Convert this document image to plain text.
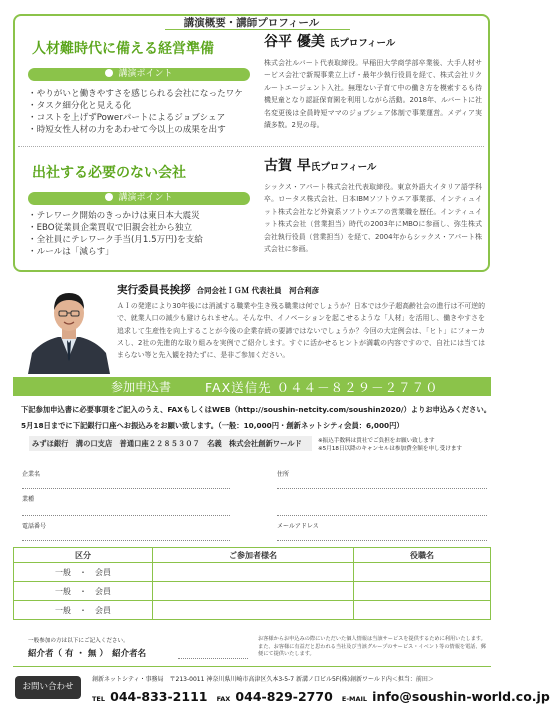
講演概要・講師プロフィール
人材難時代に備える経営準備
講演ポイント
・やりがいと働きやすさを感じられる会社になったワケ
・タスク細分化と見える化
・コストを上げずPowerパートによるジョブシェア
・時短女性人材の力をあわせて今以上の成果を出す
出社する必要のない会社
講演ポイント
・テレワーク開始のきっかけは東日本大震災
・EBO従業員企業買収で旧親会社から独立
・全社員にテレワーク手当(月1.5万円)を支給
・ルールは「減らす」
谷平 優美 氏プロフィール
株式会社ルバート代表取締役。早稲田大学商学部卒業後、大手人材サービス会社で新規事業立上げ・最年少執行役員を経て、株式会社リクルートエージェント入社。無理ない子育て中の働き方を模索するも待機児童となり認証保育園を利用しながら活動。2018年、ルバートに社名変更後は全員時短ママのジョブシェア体制で事業運営。メディア実績多数。2児の母。
古賀 早氏プロフィール
シックス・アパート株式会社代表取締役。東京外語大イタリア語学科卒。ロータス株式会社、日本IBMソフトウエア事業部、インティュイット株式会社など外資系ソフトウエアの営業職を歴任。インティュイット株式会社（営業担当）時代の2003年にMBOに参画し、弥生株式会社執行役員（営業担当）を経て、2004年からシックス・アパート株式会社に参画。
実行委員長挨拶 合同会社ＩＧＭ 代表社員　河合利彦
ＡＩの発達により30年後には消滅する職業や生き残る職業は何でしょうか？日本では少子超高齢社会の進行は不可逆的で、就業人口の減少も避けられません。そんな中、イノベーションを起こせるような「人材」を活用し、働きやすさを追求して生産性を向上することが今後の企業存続の要諦ではないでしょうか？今回の大定例会は、「ヒト」にフォーカスし、2社の先進的な取り組みを実例でご紹介します。すぐに活かせるヒントが満載の内容ですので、自社には当てはまらない等と先入観を持たずに、是非ご参加ください。
参加申込書	FAX送信先 ０４４－８２９－２７７０
下記参加申込書に必要事項をご記入のうえ、FAXもしくはWEB（http://soushin-netcity.com/soushin2020/）よりお申込みください。
5月18日までに下記銀行口座へお振込みをお願い致します。（一般：10,000円・創新ネットシティ会員：6,000円）
みずほ銀行　溝の口支店　普通口座２２８５３０７　名義　株式会社創新ワールド	※振込手数料は貴社でご負担をお願い致します
※5月18日以降のキャンセルは参加費全額を申し受けます
企業名	住所
業種
電話番号	メールアドレス
区分	ご参加者様名	役職名
一般　・　会員		
一般　・　会員		
一般　・　会員		
一般参加の方は以下にご記入ください。
紹介者（ 有 ・ 無 ）　紹介者名
お客様からお申込みの際にいただいた個人情報は当該サービスを提供するために利用いたします。また、お客様に有益だと思われる当社及び当該グループのサービス・イベント等の情報を電話、郵便にて提供いたします。
お問い合わせ
創新ネットシティ・事務局　〒213-0011 神奈川県川崎市高津区久本3-5-7 新溝ノ口ビル5F(株)創新ワールド内＜担当：前田＞
TEL 044-833-2111 FAX 044-829-2770 E-MAIL info@soushin-world.co.jp
